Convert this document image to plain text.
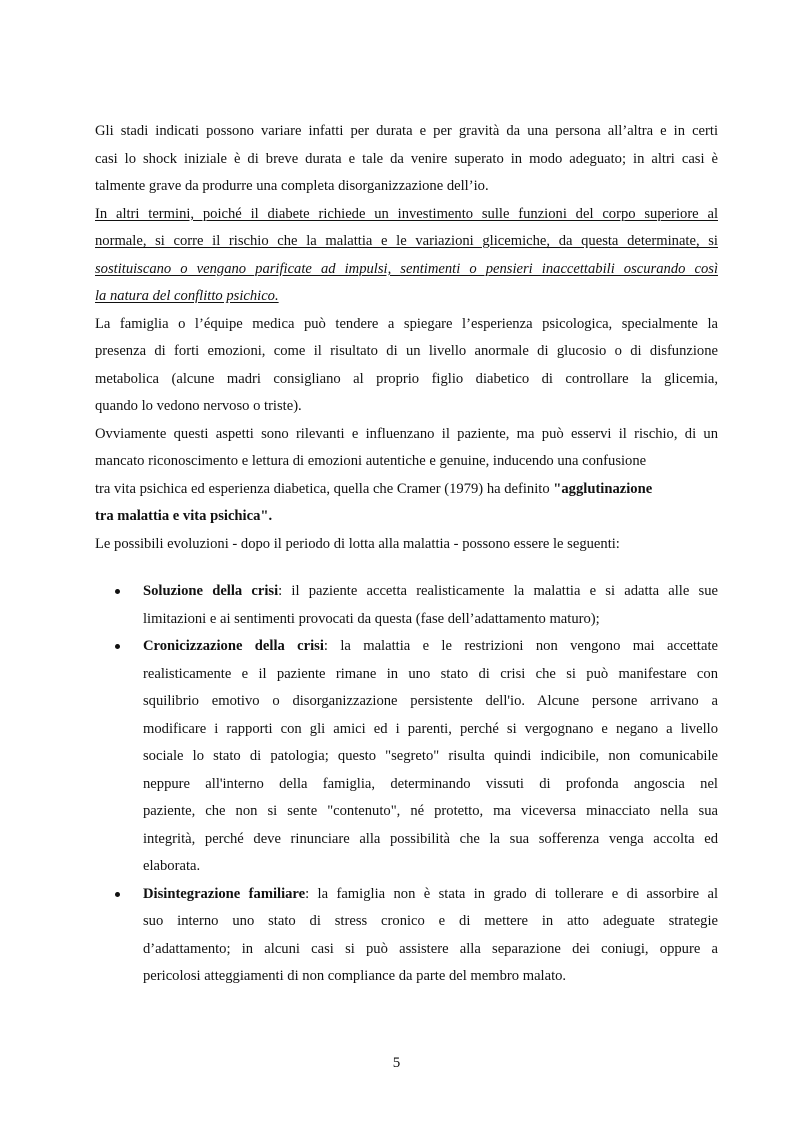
Gli stadi indicati possono variare infatti per durata e per gravità da una persona all’altra e in certi
casi lo shock iniziale è di breve durata e tale da venire superato in modo adeguato; in altri casi è
talmente grave da produrre una completa disorganizzazione dell’io.
In altri termini, poiché il diabete richiede un investimento sulle funzioni del corpo superiore al
normale, si corre il rischio che la malattia e le variazioni glicemiche, da questa determinate, si
sostituiscano o vengano parificate ad impulsi, sentimenti o pensieri inaccettabili oscurando così
la natura del conflitto psichico.
La famiglia o l’équipe medica può tendere a spiegare l’esperienza psicologica, specialmente la
presenza di forti emozioni, come il risultato di un livello anormale di glucosio o di disfunzione
metabolica (alcune madri consigliano al proprio figlio diabetico di controllare la glicemia,
quando lo vedono nervoso o triste).
Ovviamente questi aspetti sono rilevanti e influenzano il paziente, ma può esservi il rischio, di un
mancato riconoscimento e lettura di emozioni autentiche e genuine, inducendo una confusione
tra vita psichica ed esperienza diabetica, quella che Cramer (1979) ha definito "agglutinazione
tra malattia e vita psichica".
Le possibili evoluzioni - dopo il periodo di lotta alla malattia - possono essere le seguenti:
Soluzione della crisi: il paziente accetta realisticamente la malattia e si adatta alle sue
limitazioni e ai sentimenti provocati da questa (fase dell’adattamento maturo);
Cronicizzazione della crisi: la malattia e le restrizioni non vengono mai accettate
realisticamente e il paziente rimane in uno stato di crisi che si può manifestare con
squilibrio emotivo o disorganizzazione persistente dell'io. Alcune persone arrivano a
modificare i rapporti con gli amici ed i parenti, perché si vergognano e negano a livello
sociale lo stato di patologia; questo "segreto" risulta quindi indicibile, non comunicabile
neppure all'interno della famiglia, determinando vissuti di profonda angoscia nel
paziente, che non si sente "contenuto", né protetto, ma viceversa minacciato nella sua
integrità, perché deve rinunciare alla possibilità che la sua sofferenza venga accolta ed
elaborata.
Disintegrazione familiare: la famiglia non è stata in grado di tollerare e di assorbire al
suo interno uno stato di stress cronico e di mettere in atto adeguate strategie
d’adattamento; in alcuni casi si può assistere alla separazione dei coniugi, oppure a
pericolosi atteggiamenti di non compliance da parte del membro malato.
5
